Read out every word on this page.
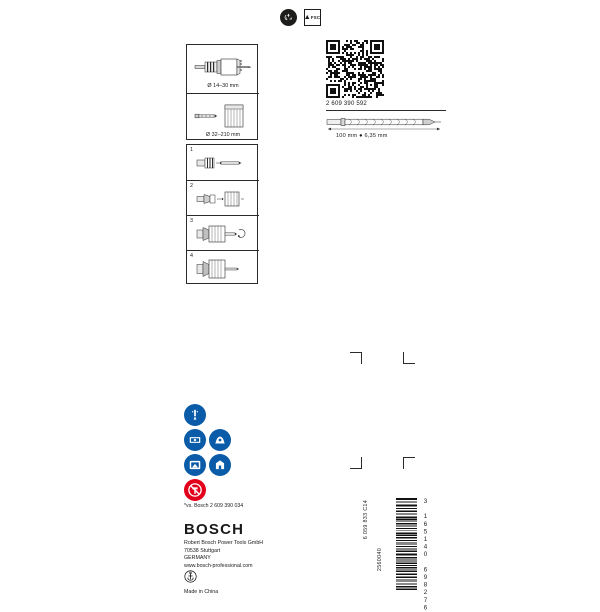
▲ FSC
Ø 14–30 mm
Ø 32–210 mm
1
2
3
4
2 609 390 592
100 mm ● 6,35 mm
*vs. Bosch 2 609 390 034
BOSCH
Robert Bosch Power Tools GmbH
70538 Stuttgart
GERMANY
www.bosch-professional.com
Made in China
6 059 833 C14
2560040	3 165140 698276
